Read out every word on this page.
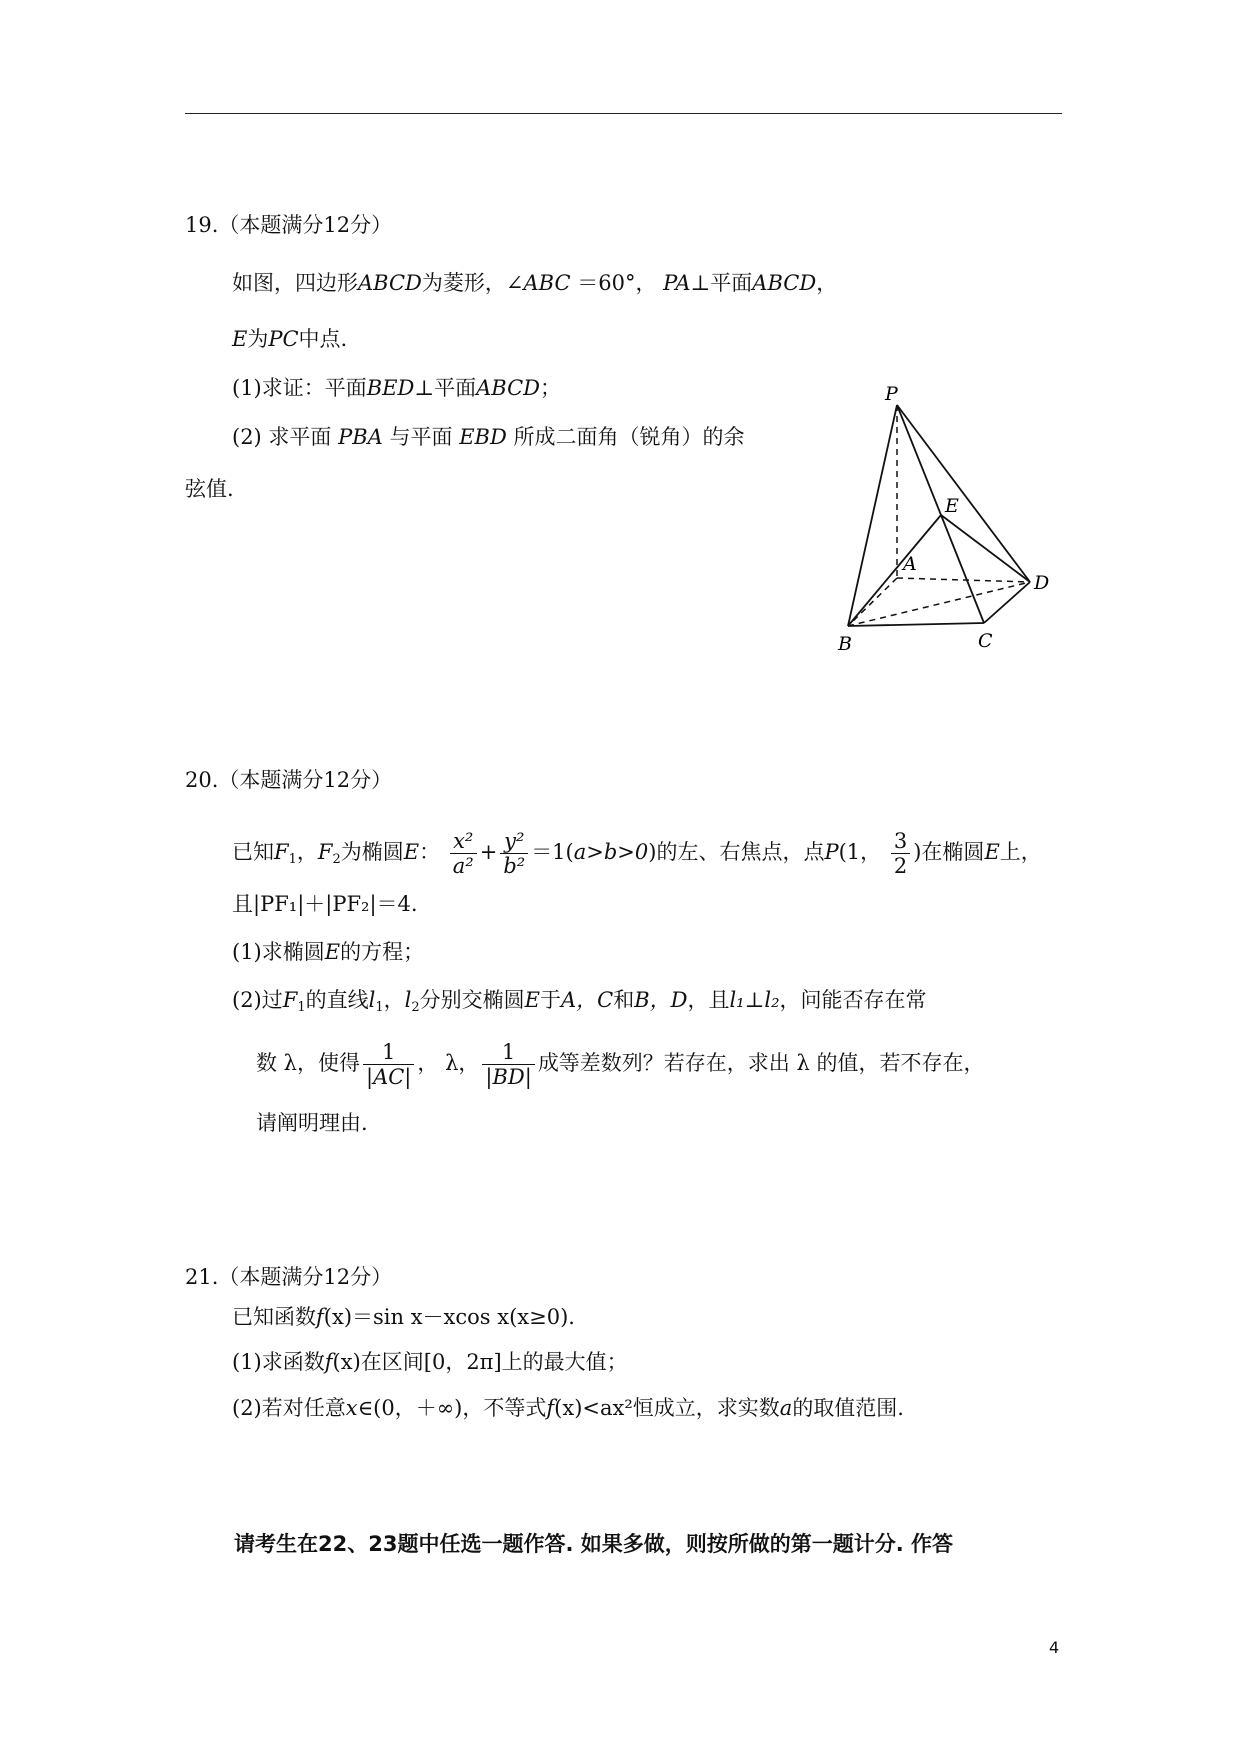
19.（本题满分12分）
如图，四边形ABCD为菱形，∠ABC ＝60°， PA⊥平面ABCD，
E为PC中点.
(1)求证：平面BED⊥平面ABCD；
(2) 求平面 PBA 与平面 EBD 所成二面角（锐角）的余
弦值.
P
E
A
D
B	C
20.（本题满分12分）
已知$F_1$，$F_2$为椭圆E： $\frac{\text{x²}}{\text{a²}} + \frac{\text{y²}}{\text{b²}} =1(a>b>0)$的左、右焦点，点P(1， $\frac{3}{2}$ )在椭圆E上，
且|PF₁|＋|PF₂|＝4.
(1)求椭圆E的方程；
(2)过$F_1$的直线$l_1$，$l_2$分别交椭圆E于A，C和B，D，且l₁⊥l₂，问能否存在常
数 λ，使得 $\frac{1}{|AC|}$ ， λ， $\frac{1}{|BD|}$ 成等差数列？若存在，求出 λ 的值，若不存在，
请阐明理由.
21.（本题满分12分）
已知函数f(x)＝sin x－xcos x(x≥0).
(1)求函数f(x)在区间[0，2π]上的最大值；
(2)若对任意x∈(0，＋∞)，不等式f(x)<ax²恒成立，求实数a的取值范围.
请考生在22、23题中任选一题作答. 如果多做，则按所做的第一题计分. 作答
4
